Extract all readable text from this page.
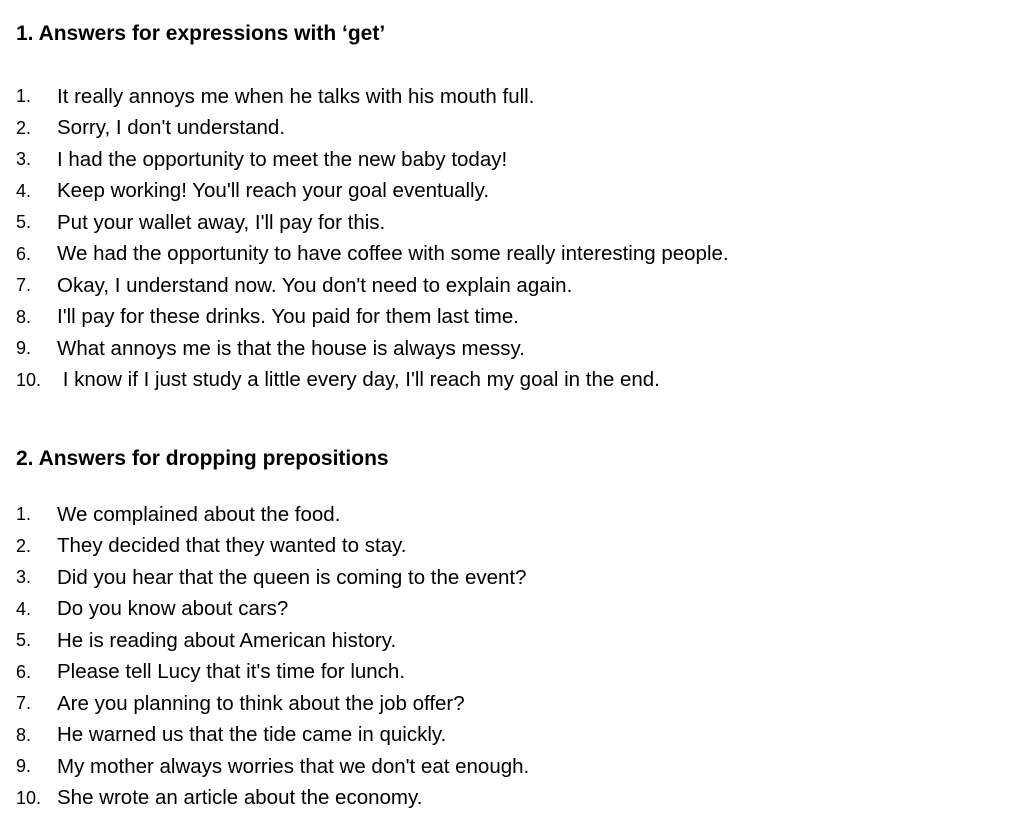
1. Answers for expressions with ‘get’
1.	It really annoys me when he talks with his mouth full.
2.	Sorry, I don't understand.
3.	I had the opportunity to meet the new baby today!
4.	Keep working! You'll reach your goal eventually.
5.	Put your wallet away, I'll pay for this.
6.	We had the opportunity to have coffee with some really interesting people.
7.	Okay, I understand now. You don't need to explain again.
8.	I'll pay for these drinks. You paid for them last time.
9.	What annoys me is that the house is always messy.
10. I know if I just study a little every day, I'll reach my goal in the end.
2. Answers for dropping prepositions
1.	We complained about the food.
2.	They decided that they wanted to stay.
3.	Did you hear that the queen is coming to the event?
4.	Do you know about cars?
5.	He is reading about American history.
6.	Please tell Lucy that it's time for lunch.
7.	Are you planning to think about the job offer?
8.	He warned us that the tide came in quickly.
9.	My mother always worries that we don't eat enough.
10. She wrote an article about the economy.
